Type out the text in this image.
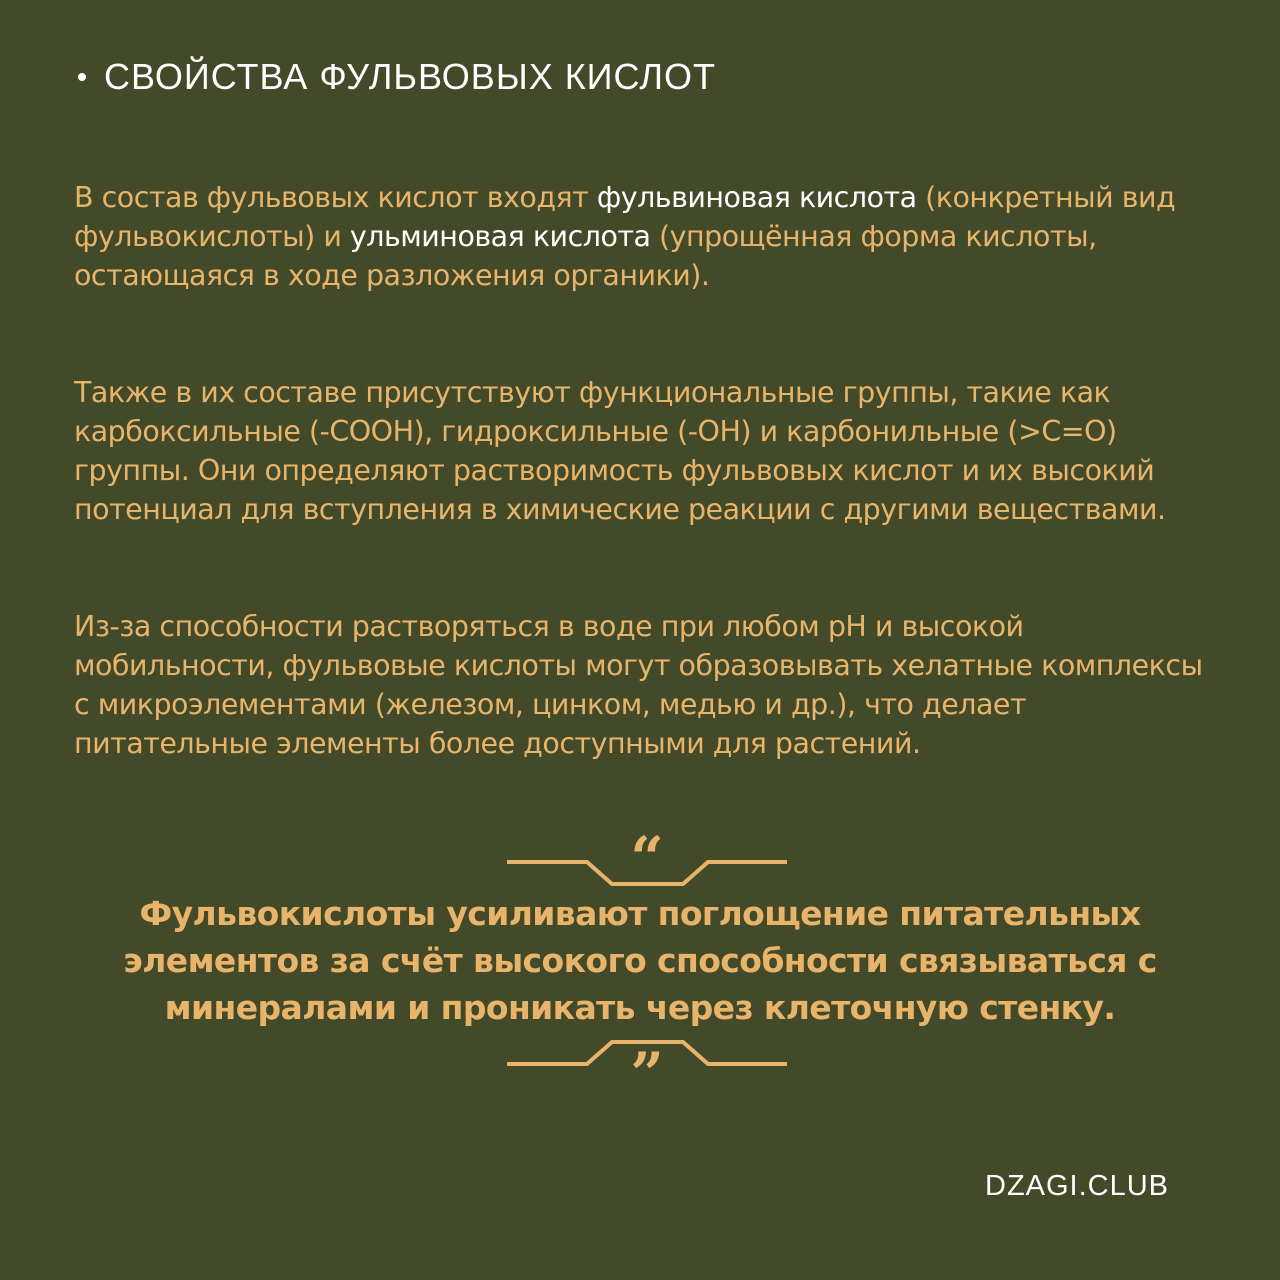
СВОЙСТВА ФУЛЬВОВЫХ КИСЛОТ

В состав фульвовых кислот входят фульвиновая кислота (конкретный вид фульвокислоты) и ульминовая кислота (упрощённая форма кислоты, остающаяся в ходе разложения органики).

Также в их составе присутствуют функциональные группы, такие как карбоксильные (-COOH), гидроксильные (-OH) и карбонильные (>C=O) группы. Они определяют растворимость фульвовых кислот и их высокий потенциал для вступления в химические реакции с другими веществами.

Из-за способности растворяться в воде при любом pH и высокой мобильности, фульвовые кислоты могут образовывать хелатные комплексы с микроэлементами (железом, цинком, медью и др.), что делает питательные элементы более доступными для растений.

“

Фульвокислоты усиливают поглощение питательных элементов за счёт высокого способности связываться с минералами и проникать через клеточную стенку.

”
DZAGI.CLUB
